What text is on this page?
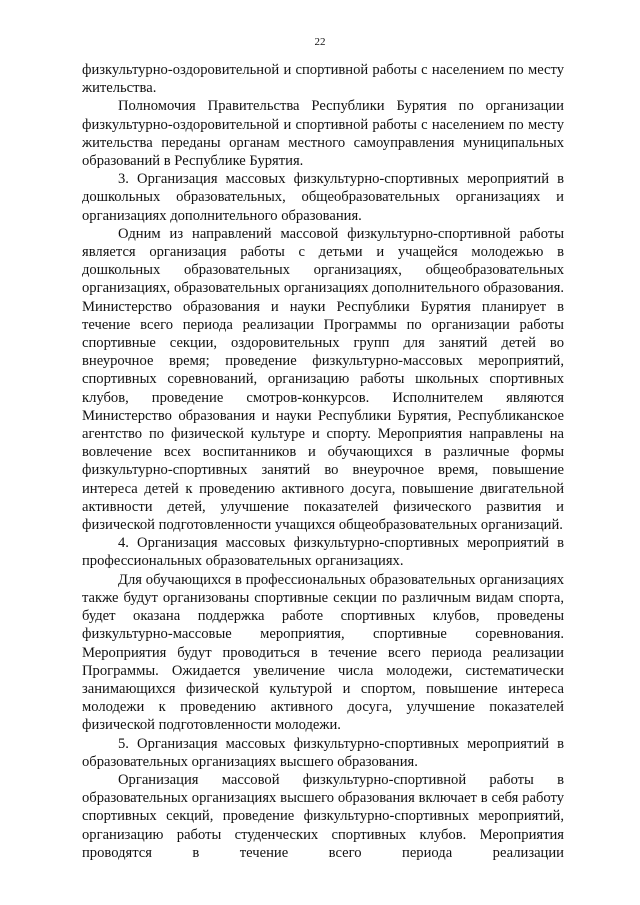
22

физкультурно-оздоровительной и спортивной работы с населением по месту жительства.

Полномочия Правительства Республики Бурятия по организации физкультурно-оздоровительной и спортивной работы с населением по месту жительства переданы органам местного самоуправления муниципальных образований в Республике Бурятия.

3. Организация массовых физкультурно-спортивных мероприятий в дошкольных образовательных, общеобразовательных организациях и организациях дополнительного образования.

Одним из направлений массовой физкультурно-спортивной работы является организация работы с детьми и учащейся молодежью в дошкольных образовательных организациях, общеобразовательных организациях, образовательных организациях дополнительного образования. Министерство образования и науки Республики Бурятия планирует в течение всего периода реализации Программы по организации работы спортивные секции, оздоровительных групп для занятий детей во внеурочное время; проведение физкультурно-массовых мероприятий, спортивных соревнований, организацию работы школьных спортивных клубов, проведение смотров-конкурсов. Исполнителем являются Министерство образования и науки Республики Бурятия, Республиканское агентство по физической культуре и спорту. Мероприятия направлены на вовлечение всех воспитанников и обучающихся в различные формы физкультурно-спортивных занятий во внеурочное время, повышение интереса детей к проведению активного досуга, повышение двигательной активности детей, улучшение показателей физического развития и физической подготовленности учащихся общеобразовательных организаций.

4. Организация массовых физкультурно-спортивных мероприятий в профессиональных образовательных организациях.

Для обучающихся в профессиональных образовательных организациях также будут организованы спортивные секции по различным видам спорта, будет оказана поддержка работе спортивных клубов, проведены физкультурно-массовые мероприятия, спортивные соревнования. Мероприятия будут проводиться в течение всего периода реализации Программы. Ожидается увеличение числа молодежи, систематически занимающихся физической культурой и спортом, повышение интереса молодежи к проведению активного досуга, улучшение показателей физической подготовленности молодежи.

5. Организация массовых физкультурно-спортивных мероприятий в образовательных организациях высшего образования.

Организация массовой физкультурно-спортивной работы в образовательных организациях высшего образования включает в себя работу спортивных секций, проведение физкультурно-спортивных мероприятий, организацию работы студенческих спортивных клубов. Мероприятия проводятся в течение всего периода реализации
